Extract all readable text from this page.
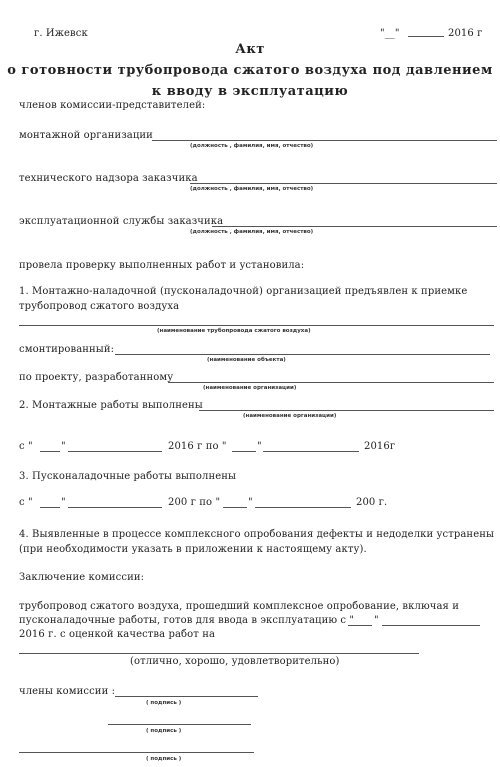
г. Ижевск	"__"	2016 г
Акт
о готовности трубопровода сжатого воздуха под давлением
к вводу в эксплуатацию
членов комиссии-представителей:
монтажной организации
(должность , фамилия, имя, отчество)
технического надзора заказчика
(должность , фамилия, имя, отчество)
эксплуатационной службы заказчика
(должность , фамилия, имя, отчество)
провела проверку выполненных работ и установила:
1. Монтажно-наладочной (пусконаладочной) организацией предъявлен к приемке
трубопровод сжатого воздуха
(наименование трубопровода сжатого воздуха)
смонтированный:
(наименование объекта)
по проекту, разработанному
(наименование организации)
2. Монтажные работы выполнены
(наименование организации)
с "	"	2016 г по "	"	2016г
3. Пусконаладочные работы выполнены
с "	"	200 г по "	"	200 г.
4. Выявленные в процессе комплексного опробования дефекты и недоделки устранены
(при необходимости указать в приложении к настоящему акту).
Заключение комиссии:
трубопровод сжатого воздуха, прошедший комплексное опробование, включая и
пусконаладочные работы, готов для ввода в эксплуатацию с " "
2016 г. с оценкой качества работ на
(отлично, хорошо, удовлетворительно)
члены комиссии :
( подпись )
( подпись )
( подпись )
